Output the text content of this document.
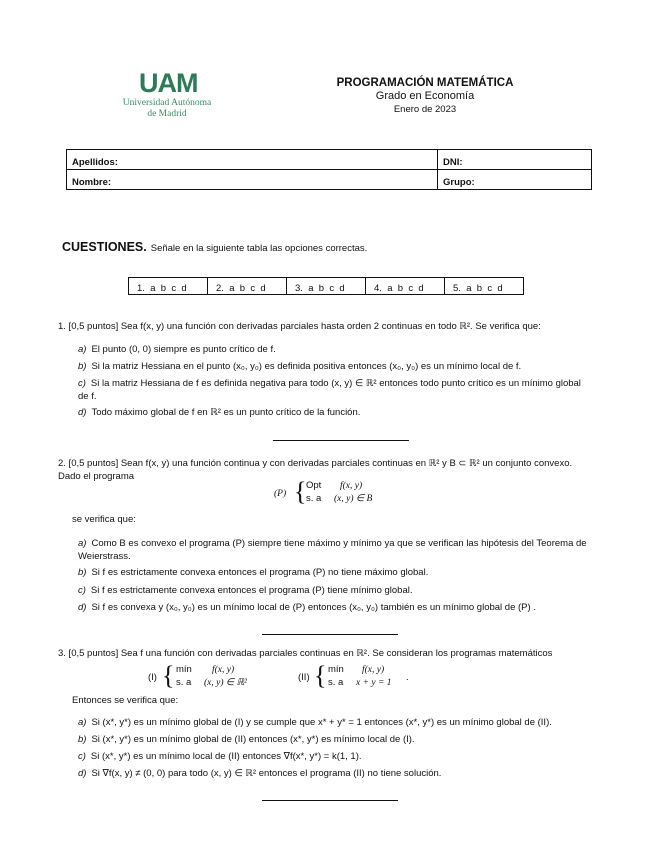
UAM
Universidad Autónoma
de Madrid
PROGRAMACIÓN MATEMÁTICA
Grado en Economía
Enero de 2023
Apellidos:	DNI:
Nombre:	Grupo:
CUESTIONES. Señale en la siguiente tabla las opciones correctas.
1.  a  b  c  d	2.  a  b  c  d	3.  a  b  c  d	4.  a  b  c  d	5.  a  b  c  d
1. [0,5 puntos] Sea f(x, y) una función con derivadas parciales hasta orden 2 continuas en todo ℝ². Se verifica que:
a) El punto (0, 0) siempre es punto crítico de f.
b) Si la matriz Hessiana en el punto (x₀, y₀) es definida positiva entonces (x₀, y₀) es un mínimo local de f.
c) Si la matriz Hessiana de f es definida negativa para todo (x, y) ∈ ℝ² entonces todo punto crítico es un mínimo global de f.
d) Todo máximo global de f en ℝ² es un punto crítico de la función.
2. [0,5 puntos] Sean f(x, y) una función continua y con derivadas parciales continuas en ℝ² y B ⊂ ℝ² un conjunto convexo. Dado el programa
(P) { Opt f(x, y)
s. a (x, y) ∈ B
se verifica que:
a) Como B es convexo el programa (P) siempre tiene máximo y mínimo ya que se verifican las hipótesis del Teorema de Weierstrass.
b) Si f es estrictamente convexa entonces el programa (P) no tiene máximo global.
c) Si f es estrictamente convexa entonces el programa (P) tiene mínimo global.
d) Si f es convexa y (x₀, y₀) es un mínimo local de (P) entonces (x₀, y₀) también es un mínimo global de (P) .
3. [0,5 puntos] Sea f una función con derivadas parciales continuas en ℝ². Se consideran los programas matemáticos
(I) { mín f(x, y)
s. a (x, y) ∈ ℝ²	(II) { mín f(x, y)
s. a x + y = 1 .
Entonces se verifica que:
a) Si (x*, y*) es un mínimo global de (I) y se cumple que x* + y* = 1 entonces (x*, y*) es un mínimo global de (II).
b) Si (x*, y*) es un mínimo global de (II) entonces (x*, y*) es mínimo local de (I).
c) Si (x*, y*) es un mínimo local de (II) entonces ∇f(x*, y*) = k(1, 1).
d) Si ∇f(x, y) ≠ (0, 0) para todo (x, y) ∈ ℝ² entonces el programa (II) no tiene solución.
